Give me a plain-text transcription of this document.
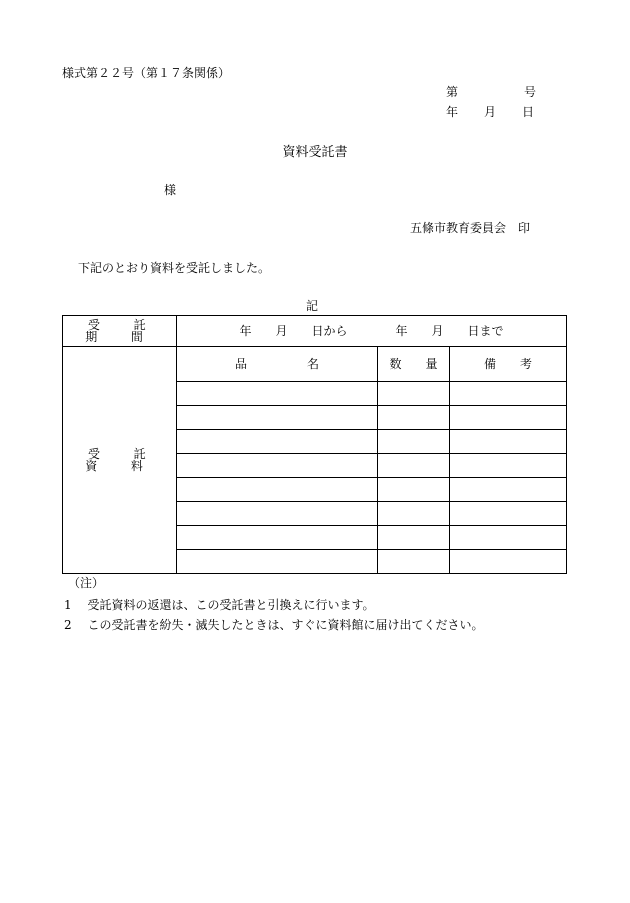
様式第２２号（第１７条関係）
第	号
年 月 日
資料受託書
様
五條市教育委員会　印
下記のとおり資料を受託しました。
記
受　託　期　間	年　　月　　日から　　　　年　　月　　日まで		
受　託　資　料	品　　　　　名	数　　量	備　　考

（注）
1　 受託資料の返還は、この受託書と引換えに行います。
2　 この受託書を紛失・滅失したときは、すぐに資料館に届け出てください。
